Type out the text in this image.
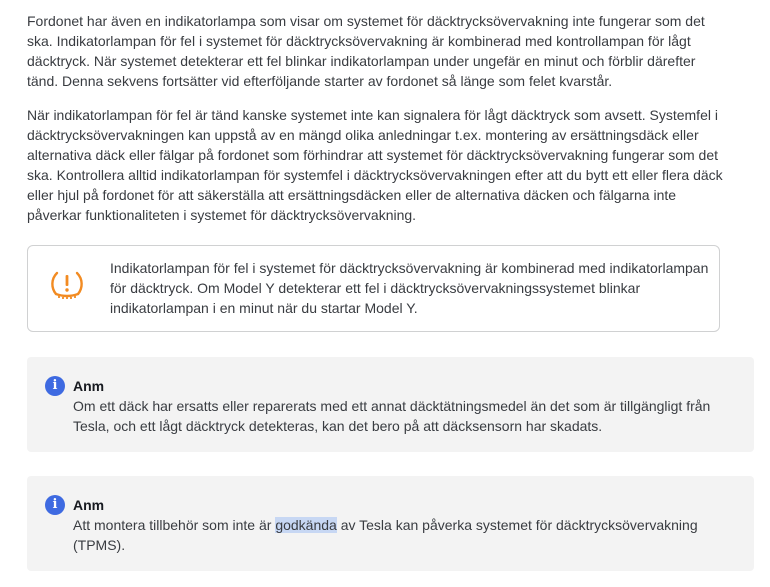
Fordonet har även en indikatorlampa som visar om systemet för däcktrycksövervakning inte fungerar som det ska. Indikatorlampan för fel i systemet för däcktrycksövervakning är kombinerad med kontrollampan för lågt däcktryck. När systemet detekterar ett fel blinkar indikatorlampan under ungefär en minut och förblir därefter tänd. Denna sekvens fortsätter vid efterföljande starter av fordonet så länge som felet kvarstår.

När indikatorlampan för fel är tänd kanske systemet inte kan signalera för lågt däcktryck som avsett. Systemfel i däcktrycksövervakningen kan uppstå av en mängd olika anledningar t.ex. montering av ersättningsdäck eller alternativa däck eller fälgar på fordonet som förhindrar att systemet för däcktrycksövervakning fungerar som det ska. Kontrollera alltid indikatorlampan för systemfel i däcktrycksövervakningen efter att du bytt ett eller flera däck eller hjul på fordonet för att säkerställa att ersättningsdäcken eller de alternativa däcken och fälgarna inte påverkar funktionaliteten i systemet för däcktrycksövervakning.

Indikatorlampan för fel i systemet för däcktrycksövervakning är kombinerad med indikatorlampan för däcktryck. Om Model Y detekterar ett fel i däcktrycksövervakningssystemet blinkar indikatorlampan i en minut när du startar Model Y.

i	Anm

Om ett däck har ersatts eller reparerats med ett annat däcktätningsmedel än det som är tillgängligt från Tesla, och ett lågt däcktryck detekteras, kan det bero på att däcksensorn har skadats.

i	Anm

Att montera tillbehör som inte är godkända av Tesla kan påverka systemet för däcktrycksövervakning (TPMS).
